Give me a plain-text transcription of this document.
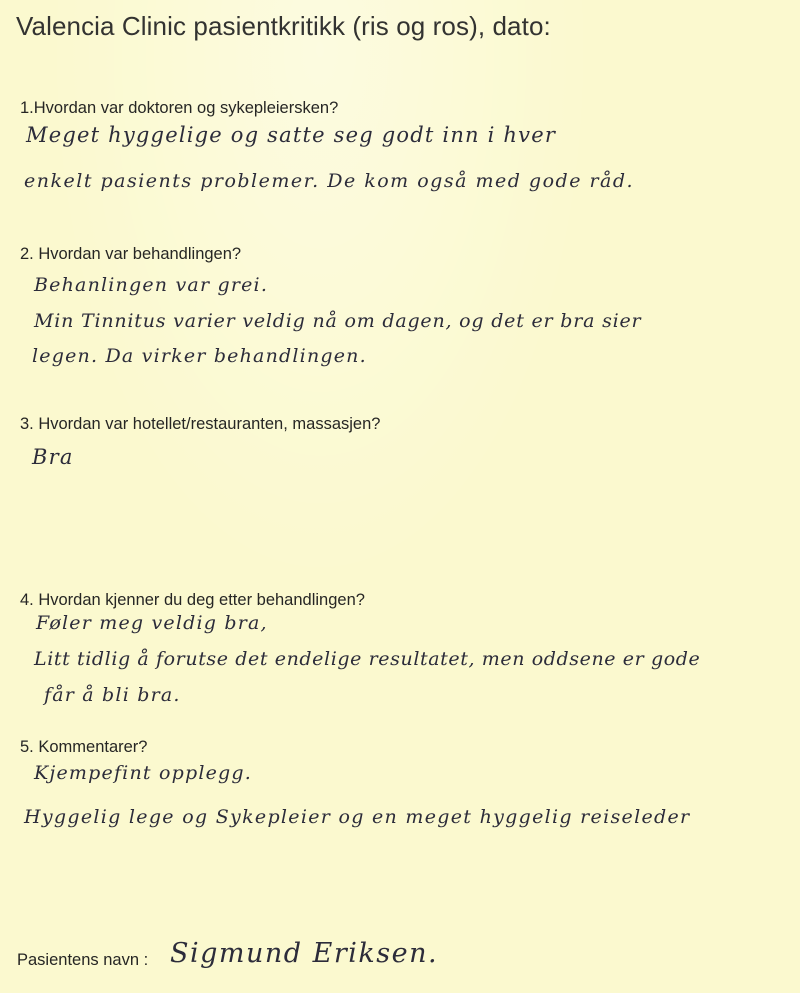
Valencia Clinic pasientkritikk (ris og ros), dato:
1.Hvordan var doktoren og sykepleiersken?
Meget hyggelige og satte seg godt inn i hver
enkelt pasients problemer. De kom også med gode råd.
2. Hvordan var behandlingen?
Behanlingen var grei.
Min Tinnitus varier veldig nå om dagen, og det er bra sier
legen. Da virker behandlingen.
3. Hvordan var hotellet/restauranten, massasjen?
Bra
4. Hvordan kjenner du deg etter behandlingen?
Føler meg veldig bra,
Litt tidlig å forutse det endelige resultatet, men oddsene er gode
får å bli bra.
5. Kommentarer?
Kjempefint opplegg.
Hyggelig lege og Sykepleier og en meget hyggelig reiseleder
Pasientens navn : Sigmund Eriksen.
